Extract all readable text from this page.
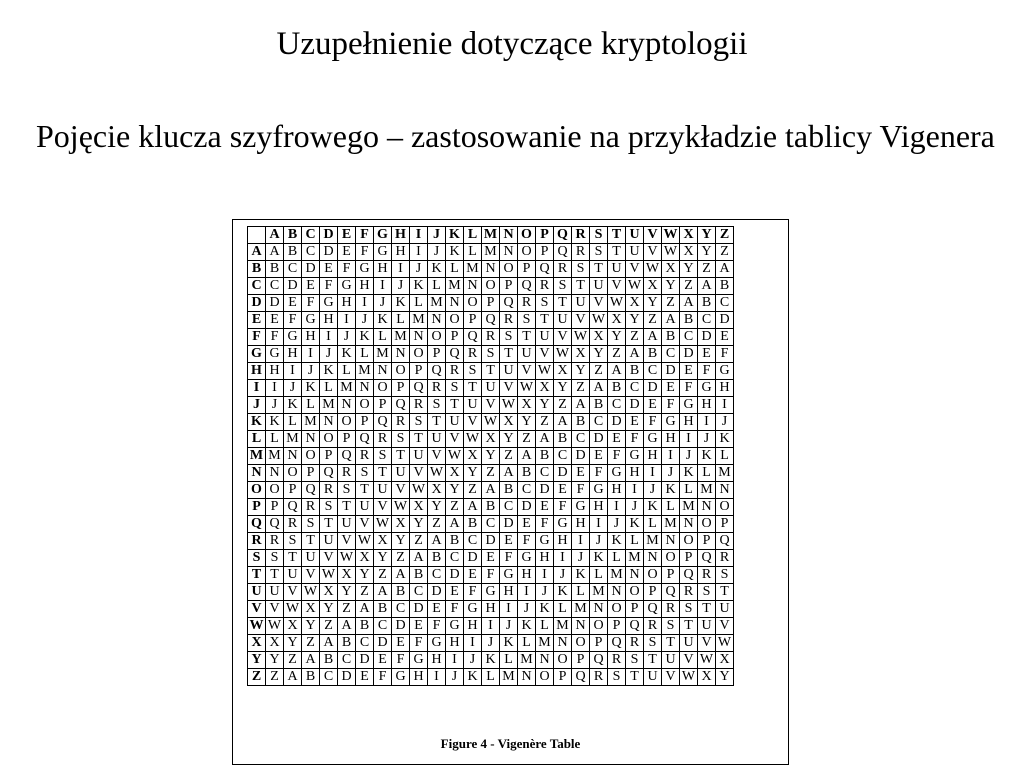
Uzupełnienie dotyczące kryptologii
Pojęcie klucza szyfrowego – zastosowanie na przykładzie tablicy Vigenera
	A	B	C	D	E	F	G	H	I	J	K	L	M	N	O	P	Q	R	S	T	U	V	W	X	Y	Z
A	A	B	C	D	E	F	G	H	I	J	K	L	M	N	O	P	Q	R	S	T	U	V	W	X	Y	Z
B	B	C	D	E	F	G	H	I	J	K	L	M	N	O	P	Q	R	S	T	U	V	W	X	Y	Z	A
C	C	D	E	F	G	H	I	J	K	L	M	N	O	P	Q	R	S	T	U	V	W	X	Y	Z	A	B
D	D	E	F	G	H	I	J	K	L	M	N	O	P	Q	R	S	T	U	V	W	X	Y	Z	A	B	C
E	E	F	G	H	I	J	K	L	M	N	O	P	Q	R	S	T	U	V	W	X	Y	Z	A	B	C	D
F	F	G	H	I	J	K	L	M	N	O	P	Q	R	S	T	U	V	W	X	Y	Z	A	B	C	D	E
G	G	H	I	J	K	L	M	N	O	P	Q	R	S	T	U	V	W	X	Y	Z	A	B	C	D	E	F
H	H	I	J	K	L	M	N	O	P	Q	R	S	T	U	V	W	X	Y	Z	A	B	C	D	E	F	G
I	I	J	K	L	M	N	O	P	Q	R	S	T	U	V	W	X	Y	Z	A	B	C	D	E	F	G	H
J	J	K	L	M	N	O	P	Q	R	S	T	U	V	W	X	Y	Z	A	B	C	D	E	F	G	H	I
K	K	L	M	N	O	P	Q	R	S	T	U	V	W	X	Y	Z	A	B	C	D	E	F	G	H	I	J
L	L	M	N	O	P	Q	R	S	T	U	V	W	X	Y	Z	A	B	C	D	E	F	G	H	I	J	K
M	M	N	O	P	Q	R	S	T	U	V	W	X	Y	Z	A	B	C	D	E	F	G	H	I	J	K	L
N	N	O	P	Q	R	S	T	U	V	W	X	Y	Z	A	B	C	D	E	F	G	H	I	J	K	L	M
O	O	P	Q	R	S	T	U	V	W	X	Y	Z	A	B	C	D	E	F	G	H	I	J	K	L	M	N
P	P	Q	R	S	T	U	V	W	X	Y	Z	A	B	C	D	E	F	G	H	I	J	K	L	M	N	O
Q	Q	R	S	T	U	V	W	X	Y	Z	A	B	C	D	E	F	G	H	I	J	K	L	M	N	O	P
R	R	S	T	U	V	W	X	Y	Z	A	B	C	D	E	F	G	H	I	J	K	L	M	N	O	P	Q
S	S	T	U	V	W	X	Y	Z	A	B	C	D	E	F	G	H	I	J	K	L	M	N	O	P	Q	R
T	T	U	V	W	X	Y	Z	A	B	C	D	E	F	G	H	I	J	K	L	M	N	O	P	Q	R	S
U	U	V	W	X	Y	Z	A	B	C	D	E	F	G	H	I	J	K	L	M	N	O	P	Q	R	S	T
V	V	W	X	Y	Z	A	B	C	D	E	F	G	H	I	J	K	L	M	N	O	P	Q	R	S	T	U
W	W	X	Y	Z	A	B	C	D	E	F	G	H	I	J	K	L	M	N	O	P	Q	R	S	T	U	V
X	X	Y	Z	A	B	C	D	E	F	G	H	I	J	K	L	M	N	O	P	Q	R	S	T	U	V	W
Y	Y	Z	A	B	C	D	E	F	G	H	I	J	K	L	M	N	O	P	Q	R	S	T	U	V	W	X
Z	Z	A	B	C	D	E	F	G	H	I	J	K	L	M	N	O	P	Q	R	S	T	U	V	W	X	Y
Figure 4 - Vigenère Table
